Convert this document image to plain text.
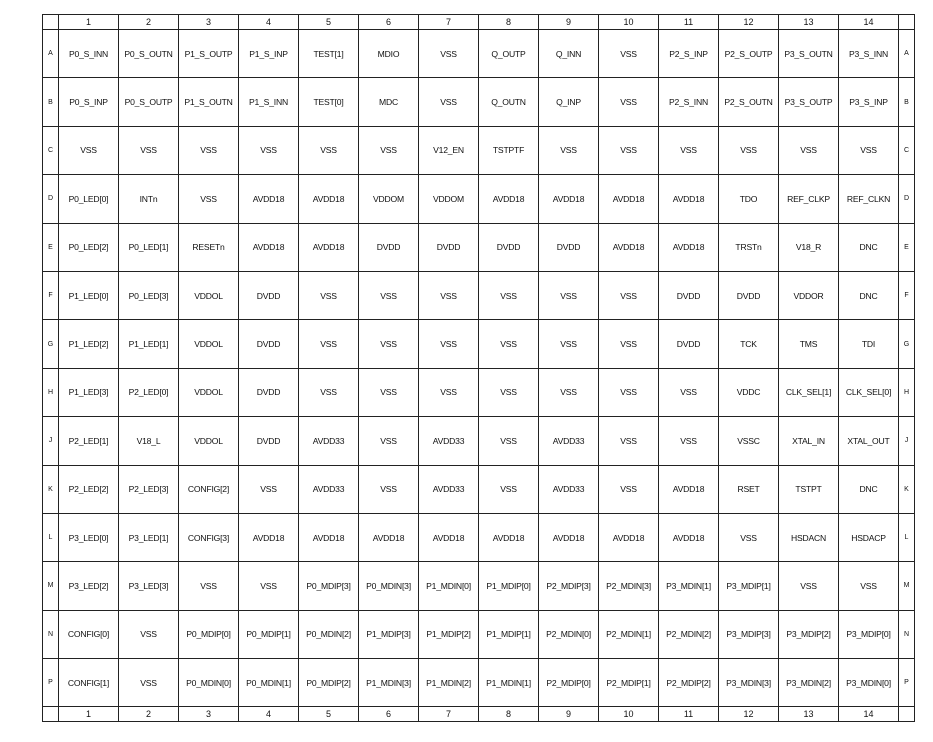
	1	2	3	4	5	6	7	8	9	10	11	12	13	14	
A	P0_S_INN	P0_S_OUTN	P1_S_OUTP	P1_S_INP	TEST[1]	MDIO	VSS	Q_OUTP	Q_INN	VSS	P2_S_INP	P2_S_OUTP	P3_S_OUTN	P3_S_INN	A
B	P0_S_INP	P0_S_OUTP	P1_S_OUTN	P1_S_INN	TEST[0]	MDC	VSS	Q_OUTN	Q_INP	VSS	P2_S_INN	P2_S_OUTN	P3_S_OUTP	P3_S_INP	B
C	VSS	VSS	VSS	VSS	VSS	VSS	V12_EN	TSTPTF	VSS	VSS	VSS	VSS	VSS	VSS	C
D	P0_LED[0]	INTn	VSS	AVDD18	AVDD18	VDDOM	VDDOM	AVDD18	AVDD18	AVDD18	AVDD18	TDO	REF_CLKP	REF_CLKN	D
E	P0_LED[2]	P0_LED[1]	RESETn	AVDD18	AVDD18	DVDD	DVDD	DVDD	DVDD	AVDD18	AVDD18	TRSTn	V18_R	DNC	E
F	P1_LED[0]	P0_LED[3]	VDDOL	DVDD	VSS	VSS	VSS	VSS	VSS	VSS	DVDD	DVDD	VDDOR	DNC	F
G	P1_LED[2]	P1_LED[1]	VDDOL	DVDD	VSS	VSS	VSS	VSS	VSS	VSS	DVDD	TCK	TMS	TDI	G
H	P1_LED[3]	P2_LED[0]	VDDOL	DVDD	VSS	VSS	VSS	VSS	VSS	VSS	VSS	VDDC	CLK_SEL[1]	CLK_SEL[0]	H
J	P2_LED[1]	V18_L	VDDOL	DVDD	AVDD33	VSS	AVDD33	VSS	AVDD33	VSS	VSS	VSSC	XTAL_IN	XTAL_OUT	J
K	P2_LED[2]	P2_LED[3]	CONFIG[2]	VSS	AVDD33	VSS	AVDD33	VSS	AVDD33	VSS	AVDD18	RSET	TSTPT	DNC	K
L	P3_LED[0]	P3_LED[1]	CONFIG[3]	AVDD18	AVDD18	AVDD18	AVDD18	AVDD18	AVDD18	AVDD18	AVDD18	VSS	HSDACN	HSDACP	L
M	P3_LED[2]	P3_LED[3]	VSS	VSS	P0_MDIP[3]	P0_MDIN[3]	P1_MDIN[0]	P1_MDIP[0]	P2_MDIP[3]	P2_MDIN[3]	P3_MDIN[1]	P3_MDIP[1]	VSS	VSS	M
N	CONFIG[0]	VSS	P0_MDIP[0]	P0_MDIP[1]	P0_MDIN[2]	P1_MDIP[3]	P1_MDIP[2]	P1_MDIP[1]	P2_MDIN[0]	P2_MDIN[1]	P2_MDIN[2]	P3_MDIP[3]	P3_MDIP[2]	P3_MDIP[0]	N
P	CONFIG[1]	VSS	P0_MDIN[0]	P0_MDIN[1]	P0_MDIP[2]	P1_MDIN[3]	P1_MDIN[2]	P1_MDIN[1]	P2_MDIP[0]	P2_MDIP[1]	P2_MDIP[2]	P3_MDIN[3]	P3_MDIN[2]	P3_MDIN[0]	P
	1	2	3	4	5	6	7	8	9	10	11	12	13	14	
